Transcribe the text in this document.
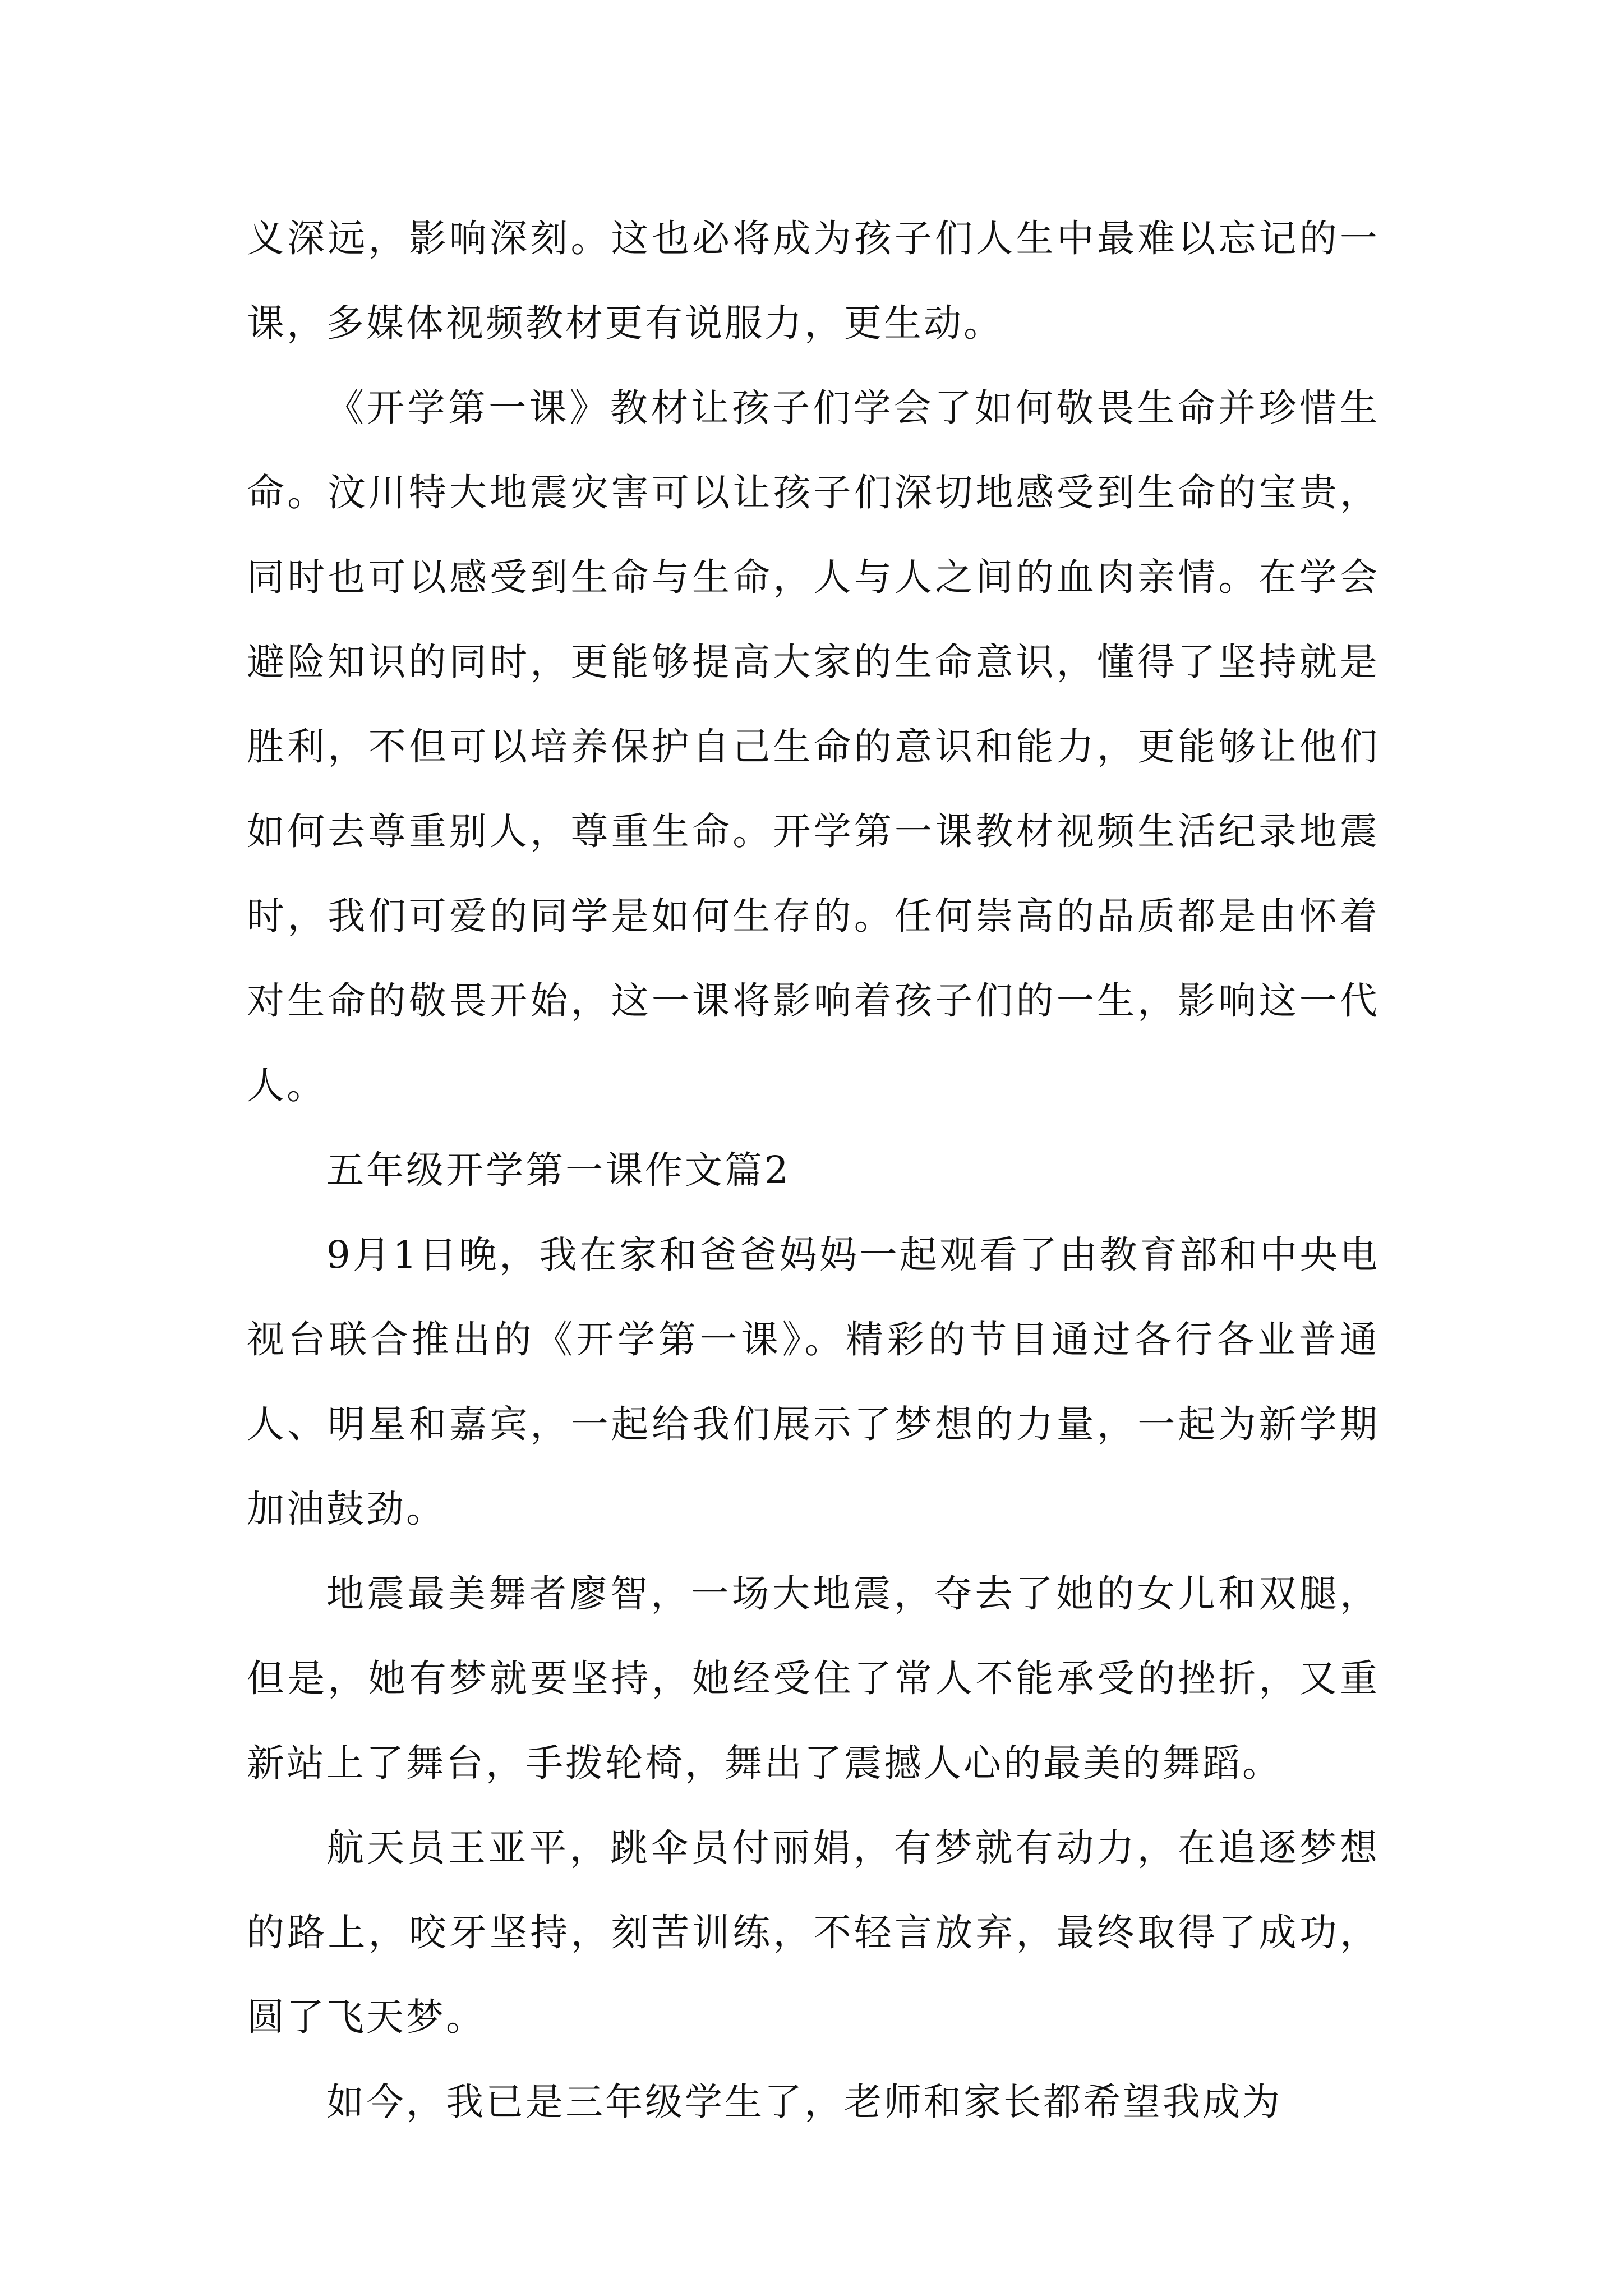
义深远，影响深刻。这也必将成为孩子们人生中最难以忘记的一课，多媒体视频教材更有说服力，更生动。

《开学第一课》教材让孩子们学会了如何敬畏生命并珍惜生命。汶川特大地震灾害可以让孩子们深切地感受到生命的宝贵，同时也可以感受到生命与生命，人与人之间的血肉亲情。在学会避险知识的同时，更能够提高大家的生命意识，懂得了坚持就是胜利，不但可以培养保护自己生命的意识和能力，更能够让他们如何去尊重别人，尊重生命。开学第一课教材视频生活纪录地震时，我们可爱的同学是如何生存的。任何崇高的品质都是由怀着对生命的敬畏开始，这一课将影响着孩子们的一生，影响这一代人。

五年级开学第一课作文篇2

9月1日晚，我在家和爸爸妈妈一起观看了由教育部和中央电视台联合推出的《开学第一课》。精彩的节目通过各行各业普通人、明星和嘉宾，一起给我们展示了梦想的力量，一起为新学期加油鼓劲。

地震最美舞者廖智，一场大地震，夺去了她的女儿和双腿，但是，她有梦就要坚持，她经受住了常人不能承受的挫折，又重新站上了舞台，手拨轮椅，舞出了震撼人心的最美的舞蹈。

航天员王亚平，跳伞员付丽娟，有梦就有动力，在追逐梦想的路上，咬牙坚持，刻苦训练，不轻言放弃，最终取得了成功，圆了飞天梦。

如今，我已是三年级学生了，老师和家长都希望我成为
